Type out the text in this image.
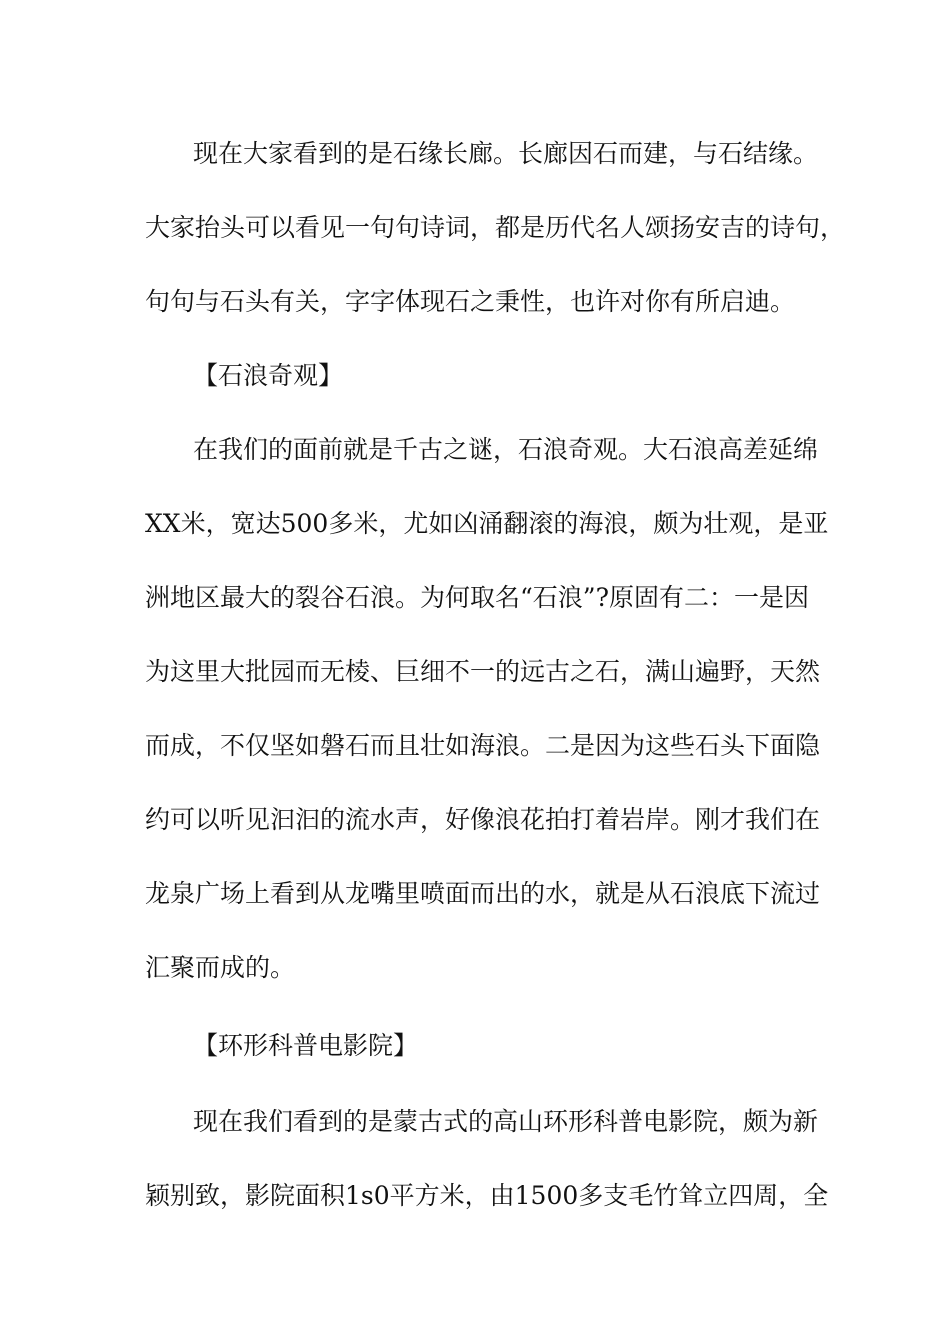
现在大家看到的是石缘长廊。长廊因石而建，与石结缘。
大家抬头可以看见一句句诗词，都是历代名人颂扬安吉的诗句，
句句与石头有关，字字体现石之秉性，也许对你有所启迪。
【石浪奇观】
在我们的面前就是千古之谜，石浪奇观。大石浪高差延绵
XX米，宽达500多米，尤如凶涌翻滚的海浪，颇为壮观，是亚
洲地区最大的裂谷石浪。为何取名“石浪”?原固有二：一是因
为这里大批园而无棱、巨细不一的远古之石，满山遍野，天然
而成，不仅坚如磐石而且壮如海浪。二是因为这些石头下面隐
约可以听见汩汩的流水声，好像浪花拍打着岩岸。刚才我们在
龙泉广场上看到从龙嘴里喷面而出的水，就是从石浪底下流过
汇聚而成的。
【环形科普电影院】
现在我们看到的是蒙古式的高山环形科普电影院，颇为新
颖别致，影院面积1s0平方米，由1500多支毛竹耸立四周，全
